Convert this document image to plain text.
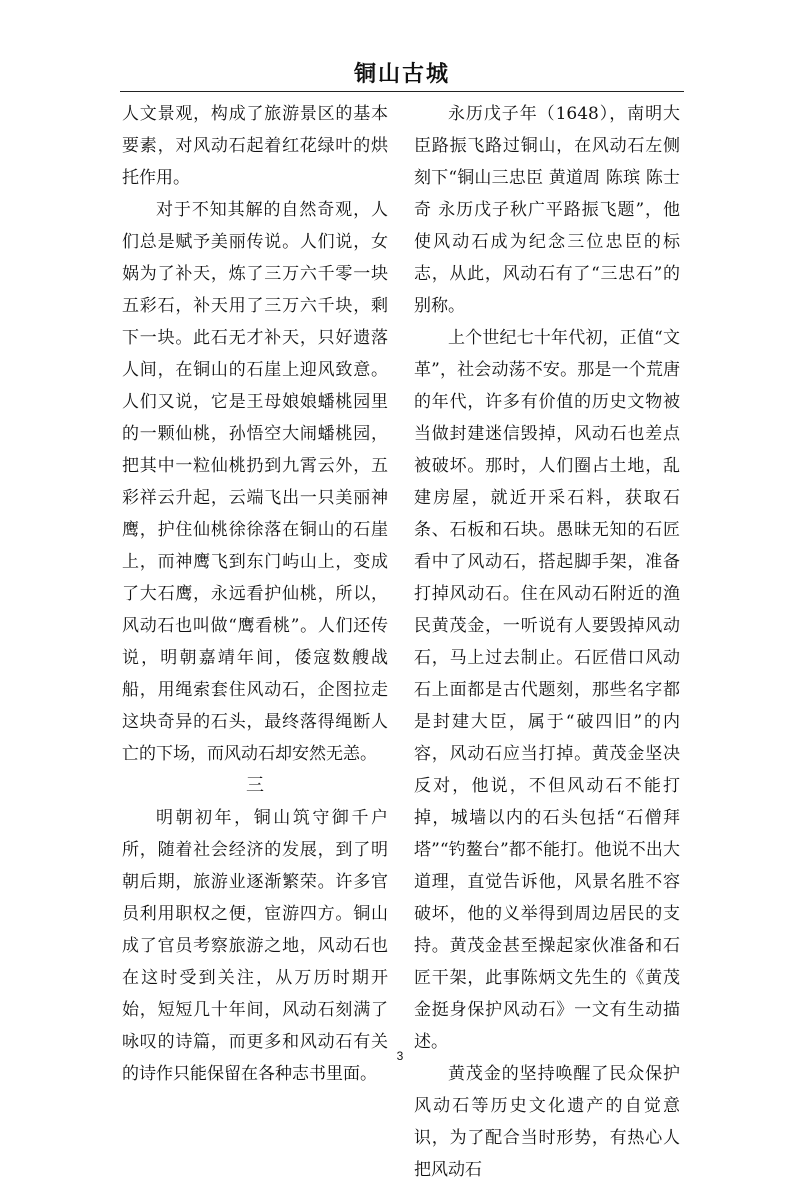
铜山古城

人文景观，构成了旅游景区的基本要素，对风动石起着红花绿叶的烘托作用。

对于不知其解的自然奇观，人们总是赋予美丽传说。人们说，女娲为了补天，炼了三万六千零一块五彩石，补天用了三万六千块，剩下一块。此石无才补天，只好遗落人间，在铜山的石崖上迎风致意。人们又说，它是王母娘娘蟠桃园里的一颗仙桃，孙悟空大闹蟠桃园，把其中一粒仙桃扔到九霄云外，五彩祥云升起，云端飞出一只美丽神鹰，护住仙桃徐徐落在铜山的石崖上，而神鹰飞到东门屿山上，变成了大石鹰，永远看护仙桃，所以，风动石也叫做“鹰看桃”。人们还传说，明朝嘉靖年间，倭寇数艘战船，用绳索套住风动石，企图拉走这块奇异的石头，最终落得绳断人亡的下场，而风动石却安然无恙。

三

明朝初年，铜山筑守御千户所，随着社会经济的发展，到了明朝后期，旅游业逐渐繁荣。许多官员利用职权之便，宦游四方。铜山成了官员考察旅游之地，风动石也在这时受到关注，从万历时期开始，短短几十年间，风动石刻满了咏叹的诗篇，而更多和风动石有关的诗作只能保留在各种志书里面。

永历戊子年（1648），南明大臣路振飞路过铜山，在风动石左侧刻下“铜山三忠臣 黄道周 陈瑸 陈士奇 永历戊子秋广平路振飞题”，他使风动石成为纪念三位忠臣的标志，从此，风动石有了“三忠石”的别称。

上个世纪七十年代初，正值“文革”，社会动荡不安。那是一个荒唐的年代，许多有价值的历史文物被当做封建迷信毁掉，风动石也差点被破坏。那时，人们圈占土地，乱建房屋，就近开采石料，获取石条、石板和石块。愚昧无知的石匠看中了风动石，搭起脚手架，准备打掉风动石。住在风动石附近的渔民黄茂金，一听说有人要毁掉风动石，马上过去制止。石匠借口风动石上面都是古代题刻，那些名字都是封建大臣，属于“破四旧”的内容，风动石应当打掉。黄茂金坚决反对，他说，不但风动石不能打掉，城墙以内的石头包括“石僧拜塔”“钓鳌台”都不能打。他说不出大道理，直觉告诉他，风景名胜不容破坏，他的义举得到周边居民的支持。黄茂金甚至操起家伙准备和石匠干架，此事陈炳文先生的《黄茂金挺身保护风动石》一文有生动描述。

黄茂金的坚持唤醒了民众保护风动石等历史文化遗产的自觉意识，为了配合当时形势，有热心人把风动石

3
